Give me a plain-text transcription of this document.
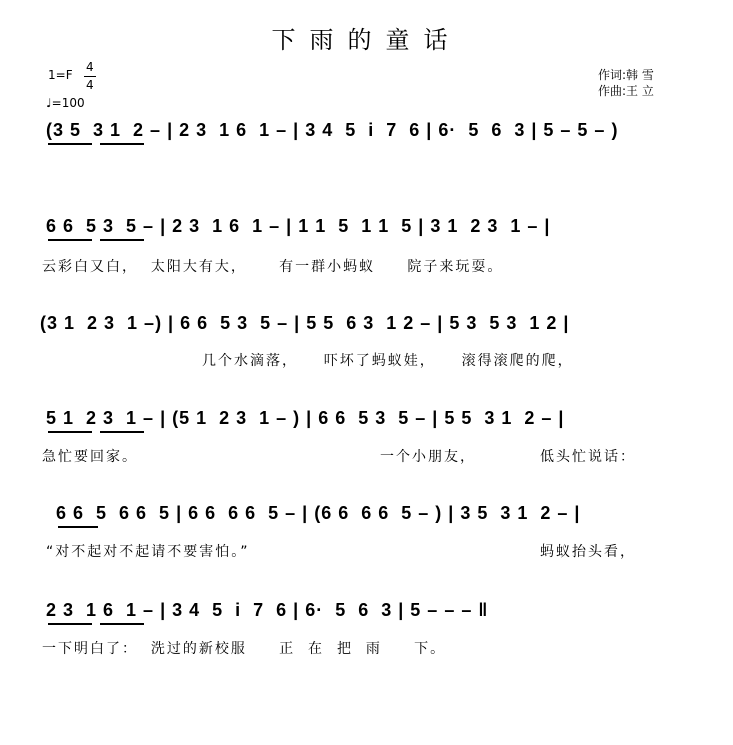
下雨的童话
1=F
4
4
♩=100
作词:韩 雪
作曲:王 立
(3 5  3 1  2 – | 2 3  1 6  1 – | 3 4  5  i  7  6 | 6·  5  6  3 | 5 – 5 – )
6 6  5 3  5 – | 2 3  1 6  1 – | 1 1  5  1 1  5 | 3 1  2 3  1 – |
云彩白又白，  太阳大有大，     有一群小蚂蚁     院子来玩耍。
(3 1  2 3  1 –) | 6 6  5 3  5 – | 5 5  6 3  1 2 – | 5 3  5 3  1 2 |
几个水滴落，    吓坏了蚂蚁娃，    滚得滚爬的爬，
5 1  2 3  1 – | (5 1  2 3  1 – ) | 6 6  5 3  5 – | 5 5  3 1  2 – |
急忙要回家。	一个小朋友，	低头忙说话：
6 6  5  6 6  5 | 6 6  6 6  5 – | (6 6  6 6  5 – ) | 3 5  3 1  2 – |
“对不起对不起请不要害怕。”	蚂蚁抬头看，
2 3  1 6  1 – | 3 4  5  i  7  6 | 6·  5  6  3 | 5 – – – ‖
一下明白了：  洗过的新校服     正  在  把  雨     下。
